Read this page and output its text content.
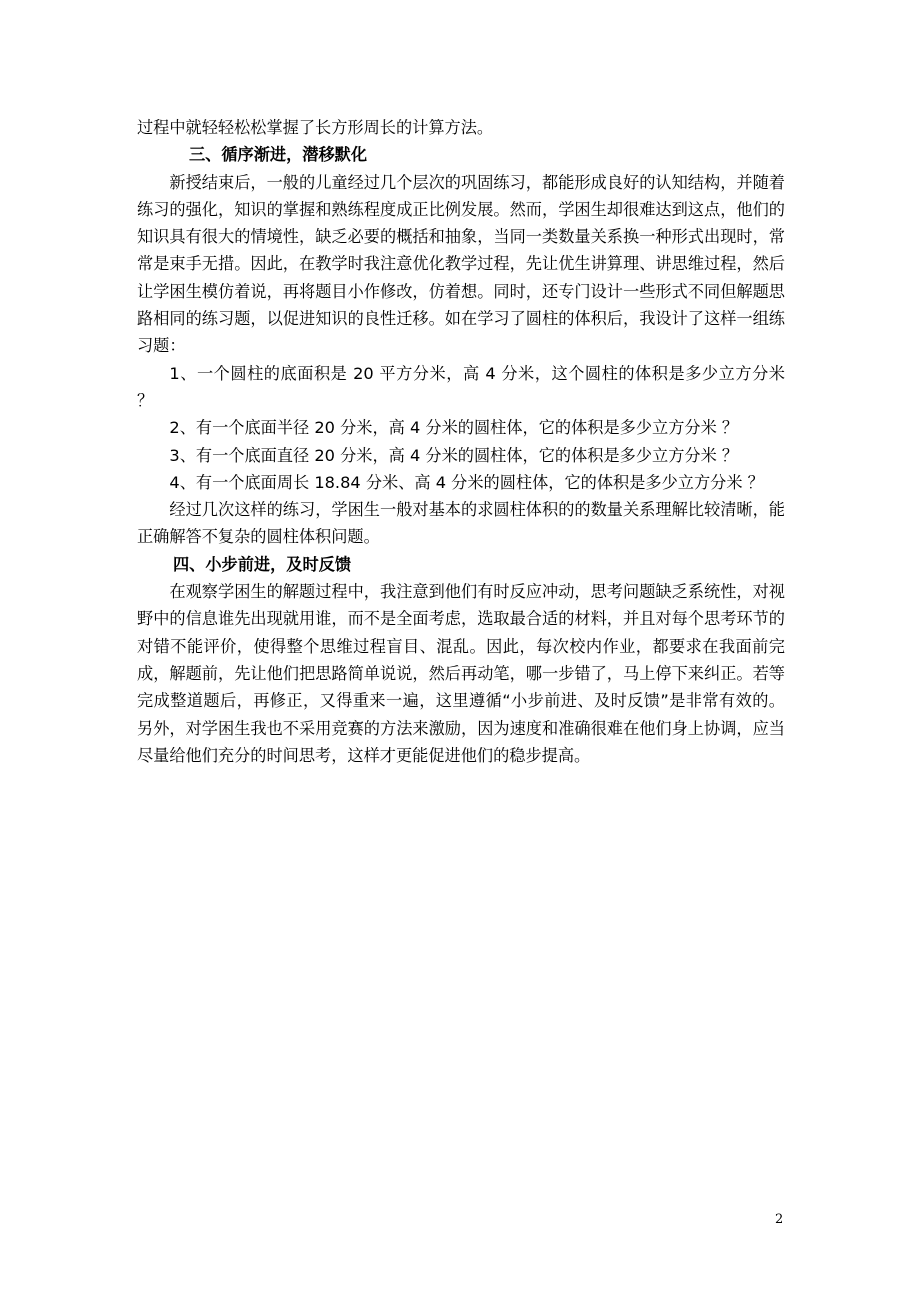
过程中就轻轻松松掌握了长方形周长的计算方法。

三、循序渐进，潜移默化

新授结束后，一般的儿童经过几个层次的巩固练习，都能形成良好的认知结构，并随着练习的强化，知识的掌握和熟练程度成正比例发展。然而，学困生却很难达到这点，他们的知识具有很大的情境性，缺乏必要的概括和抽象，当同一类数量关系换一种形式出现时，常常是束手无措。因此，在教学时我注意优化教学过程，先让优生讲算理、讲思维过程，然后让学困生模仿着说，再将题目小作修改，仿着想。同时，还专门设计一些形式不同但解题思路相同的练习题，以促进知识的良性迁移。如在学习了圆柱的体积后，我设计了这样一组练习题：

1、一个圆柱的底面积是 20 平方分米，高 4 分米，这个圆柱的体积是多少立方分米 ？

2、有一个底面半径 20 分米，高 4 分米的圆柱体，它的体积是多少立方分米 ？

3、有一个底面直径 20 分米，高 4 分米的圆柱体，它的体积是多少立方分米 ？

4、有一个底面周长 18.84 分米、高 4 分米的圆柱体，它的体积是多少立方分米 ？

经过几次这样的练习，学困生一般对基本的求圆柱体积的的数量关系理解比较清晰，能正确解答不复杂的圆柱体积问题。

四、小步前进，及时反馈

在观察学困生的解题过程中，我注意到他们有时反应冲动，思考问题缺乏系统性，对视野中的信息谁先出现就用谁，而不是全面考虑，选取最合适的材料，并且对每个思考环节的对错不能评价，使得整个思维过程盲目、混乱。因此，每次校内作业，都要求在我面前完成，解题前，先让他们把思路简单说说，然后再动笔，哪一步错了，马上停下来纠正。若等完成整道题后，再修正，又得重来一遍，这里遵循“小步前进、及时反馈”是非常有效的。另外，对学困生我也不采用竞赛的方法来激励，因为速度和准确很难在他们身上协调，应当尽量给他们充分的时间思考，这样才更能促进他们的稳步提高。

2
